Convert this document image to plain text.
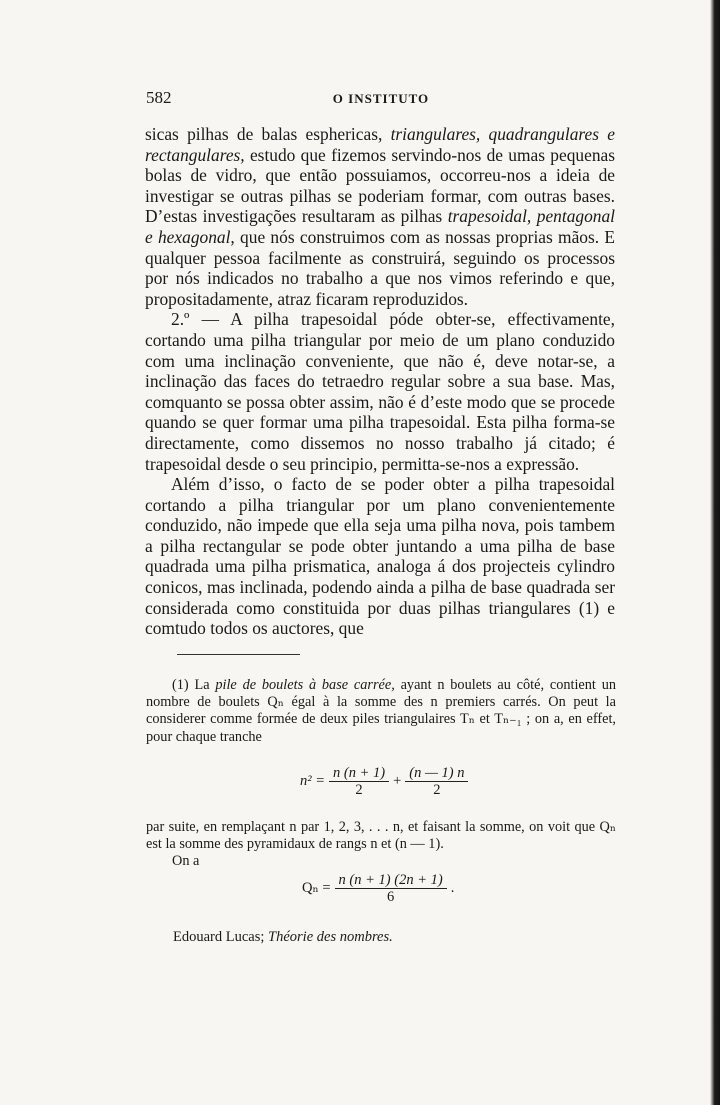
582	O INSTITUTO

sicas pilhas de balas esphericas, triangulares, quadrangulares e rectangulares, estudo que fizemos servindo-nos de umas pequenas bolas de vidro, que então possuiamos, occorreu-nos a ideia de investigar se outras pilhas se poderiam formar, com outras bases. D’estas investigações resultaram as pilhas trapesoidal, pentagonal e hexagonal, que nós construimos com as nossas proprias mãos. E qualquer pessoa facilmente as construirá, seguindo os processos por nós indicados no trabalho a que nos vimos referindo e que, propositadamente, atraz ficaram reproduzidos.

2.º — A pilha trapesoidal póde obter-se, effectivamente, cortando uma pilha triangular por meio de um plano conduzido com uma inclinação conveniente, que não é, deve notar-se, a inclinação das faces do tetraedro regular sobre a sua base. Mas, comquanto se possa obter assim, não é d’este modo que se procede quando se quer formar uma pilha trapesoidal. Esta pilha forma-se directamente, como dissemos no nosso trabalho já citado; é trapesoidal desde o seu principio, permitta-se-nos a expressão.

Além d’isso, o facto de se poder obter a pilha trapesoidal cortando a pilha triangular por um plano convenientemente conduzido, não impede que ella seja uma pilha nova, pois tambem a pilha rectangular se pode obter juntando a uma pilha de base quadrada uma pilha prismatica, analoga á dos projecteis cylindro conicos, mas inclinada, podendo ainda a pilha de base quadrada ser considerada como constituida por duas pilhas triangulares (1) e comtudo todos os auctores, que

(1) La pile de boulets à base carrée, ayant n boulets au côté, contient un nombre de boulets Qₙ égal à la somme des n premiers carrés. On peut la considerer comme formée de deux piles triangulaires Tₙ et Tₙ₋₁ ; on a, en effet, pour chaque tranche

$n^2 = \frac{n (n + 1)}{2} + \frac{(n — 1) n}{2}$

par suite, en remplaçant n par 1, 2, 3, . . . n, et faisant la somme, on voit que Qₙ est la somme des pyramidaux de rangs n et (n — 1).

On a

$Q_n = \frac{n (n + 1) (2n + 1)}{6}$ .
Edouard Lucas; Théorie des nombres.
